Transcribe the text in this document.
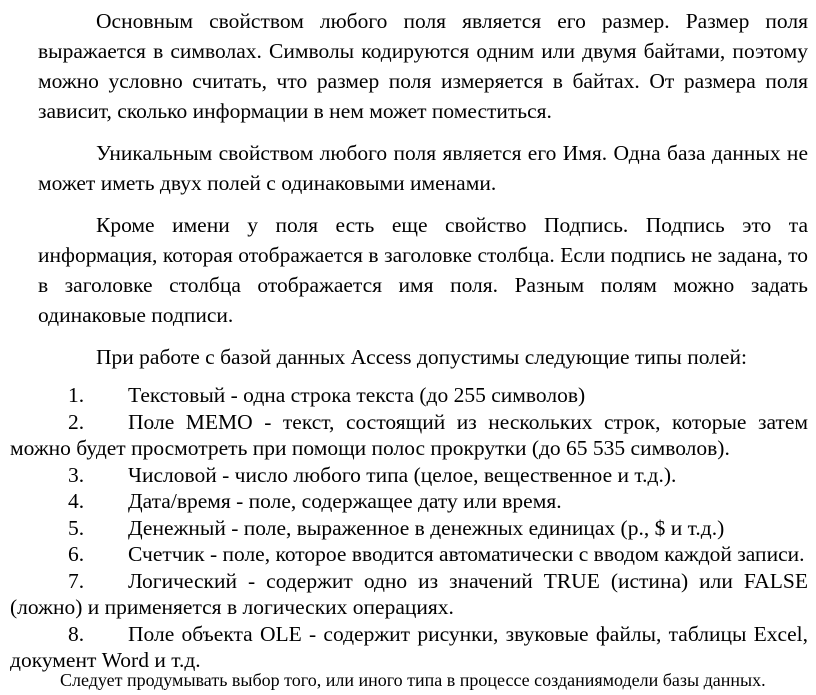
Основным свойством любого поля является его размер. Размер поля выражается в символах. Символы кодируются одним или двумя байтами, поэтому можно условно считать, что размер поля измеряется в байтах. От размера поля зависит, сколько информации в нем может поместиться.

Уникальным свойством любого поля является его Имя. Одна база данных не может иметь двух полей с одинаковыми именами.

Кроме имени у поля есть еще свойство Подпись. Подпись это та информация, которая отображается в заголовке столбца. Если подпись не задана, то в заголовке столбца отображается имя поля. Разным полям можно задать одинаковые подписи.

При работе с базой данных Access допустимы следующие типы полей:

1. Текстовый - одна строка текста (до 255 символов)

2. Поле MEMO - текст, состоящий из нескольких строк, которые затем можно будет просмотреть при помощи полос прокрутки (до 65 535 символов).

3. Числовой - число любого типа (целое, вещественное и т.д.).

4. Дата/время - поле, содержащее дату или время.

5. Денежный - поле, выраженное в денежных единицах (р., $ и т.д.)

6. Счетчик - поле, которое вводится автоматически с вводом каждой записи.

7. Логический - содержит одно из значений TRUE (истина) или FALSE (ложно) и применяется в логических операциях.

8. Поле объекта OLE - содержит рисунки, звуковые файлы, таблицы Excel, документ Word и т.д.

Следует продумывать выбор того, или иного типа в процессе созданиямодели базы данных.
